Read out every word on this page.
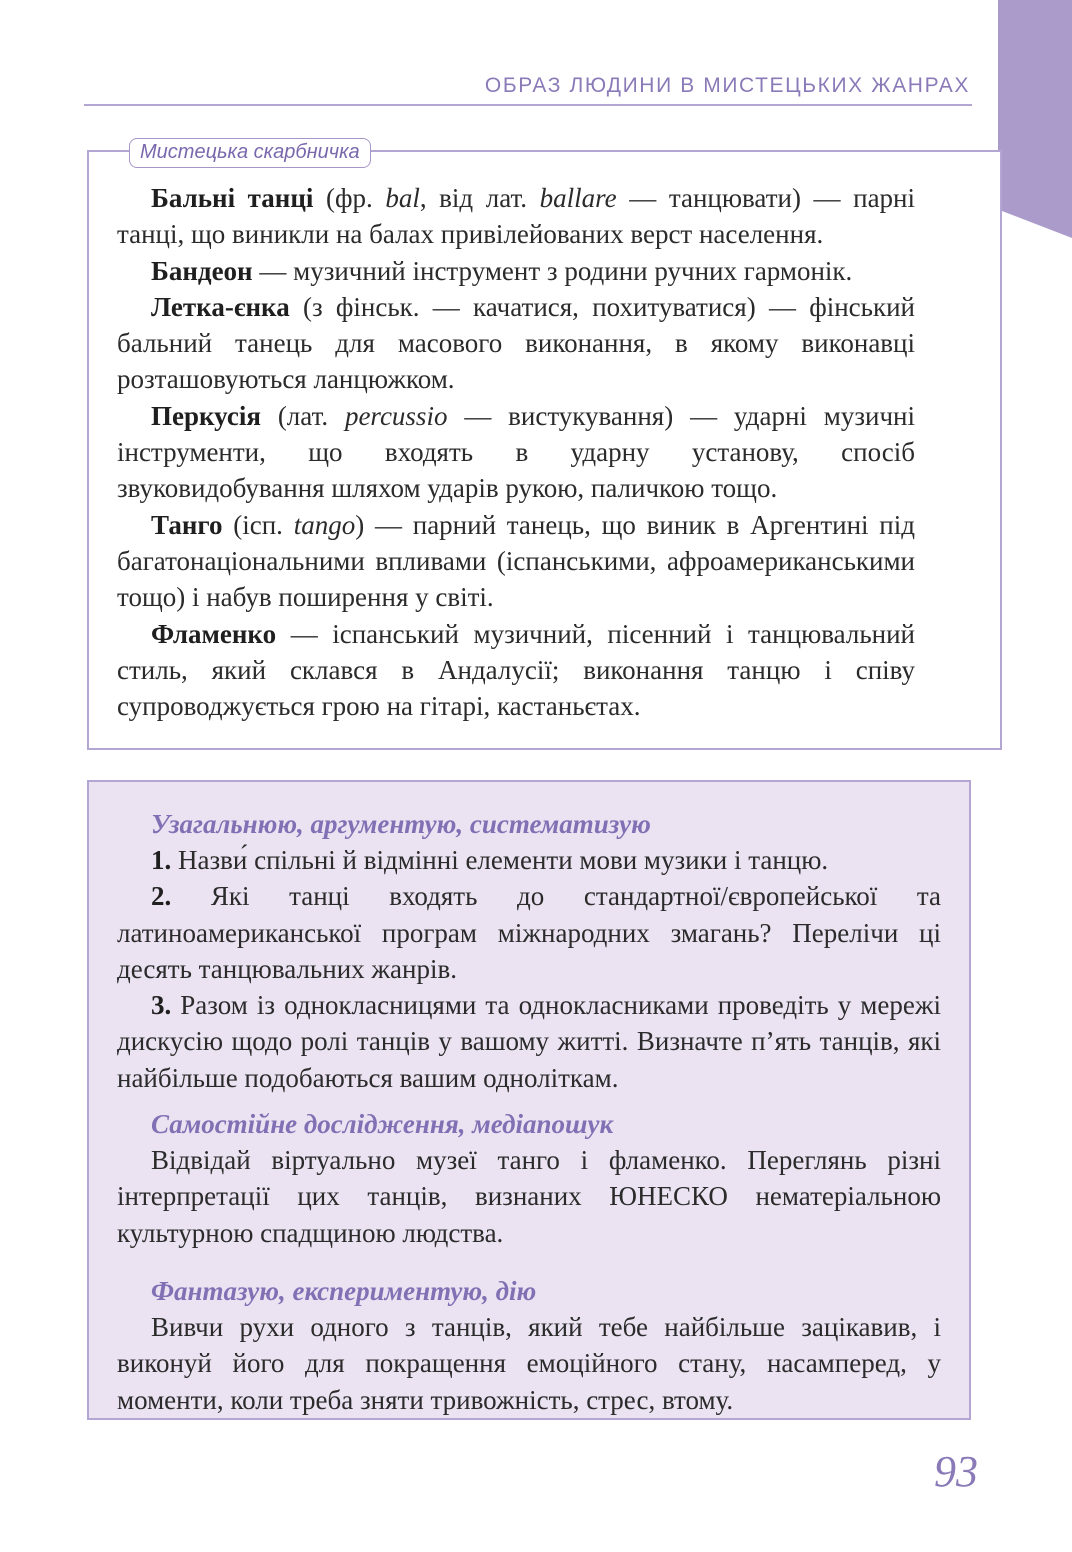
ОБРАЗ ЛЮДИНИ В МИСТЕЦЬКИХ ЖАНРАХ
Мистецька скарбничка

Бальні танці (фр. bal, від лат. ballare — танцювати) — парні танці, що виникли на балах привілейованих верст населення.

Бандеон — музичний інструмент з родини ручних гармонік.

Летка-єнка (з фінськ. — качатися, похитуватися) — фінський бальний танець для масового виконання, в якому виконавці розташовуються ланцюжком.

Перкусія (лат. percussio — вистукування) — ударні музичні інструменти, що входять в ударну установу, спосіб звуковидобування шляхом ударів рукою, паличкою тощо.

Танго (ісп. tango) — парний танець, що виник в Аргентині під багатонаціональними впливами (іспанськими, афроамериканськими тощо) і набув поширення у світі.

Фламенко — іспанський музичний, пісенний і танцювальний стиль, який склався в Андалусії; виконання танцю і співу супроводжується грою на гітарі, кастаньєтах.

Узагальнюю, аргументую, систематизую

1. Назви́ спільні й відмінні елементи мови музики і танцю.

2. Які танці входять до стандартної/європейської та латиноамериканської програм міжнародних змагань? Перелічи ці десять танцювальних жанрів.

3. Разом із однокласницями та однокласниками проведіть у мережі дискусію щодо ролі танців у вашому житті. Визначте п’ять танців, які найбільше подобаються вашим одноліткам.

Самостійне дослідження, медіапошук

Відвідай віртуально музеї танго і фламенко. Переглянь різні інтерпретації цих танців, визнаних ЮНЕСКО нематеріальною культурною спадщиною людства.

Фантазую, експериментую, дію

Вивчи рухи одного з танців, який тебе найбільше зацікавив, і виконуй його для покращення емоційного стану, насамперед, у моменти, коли треба зняти тривожність, стрес, втому.

93
